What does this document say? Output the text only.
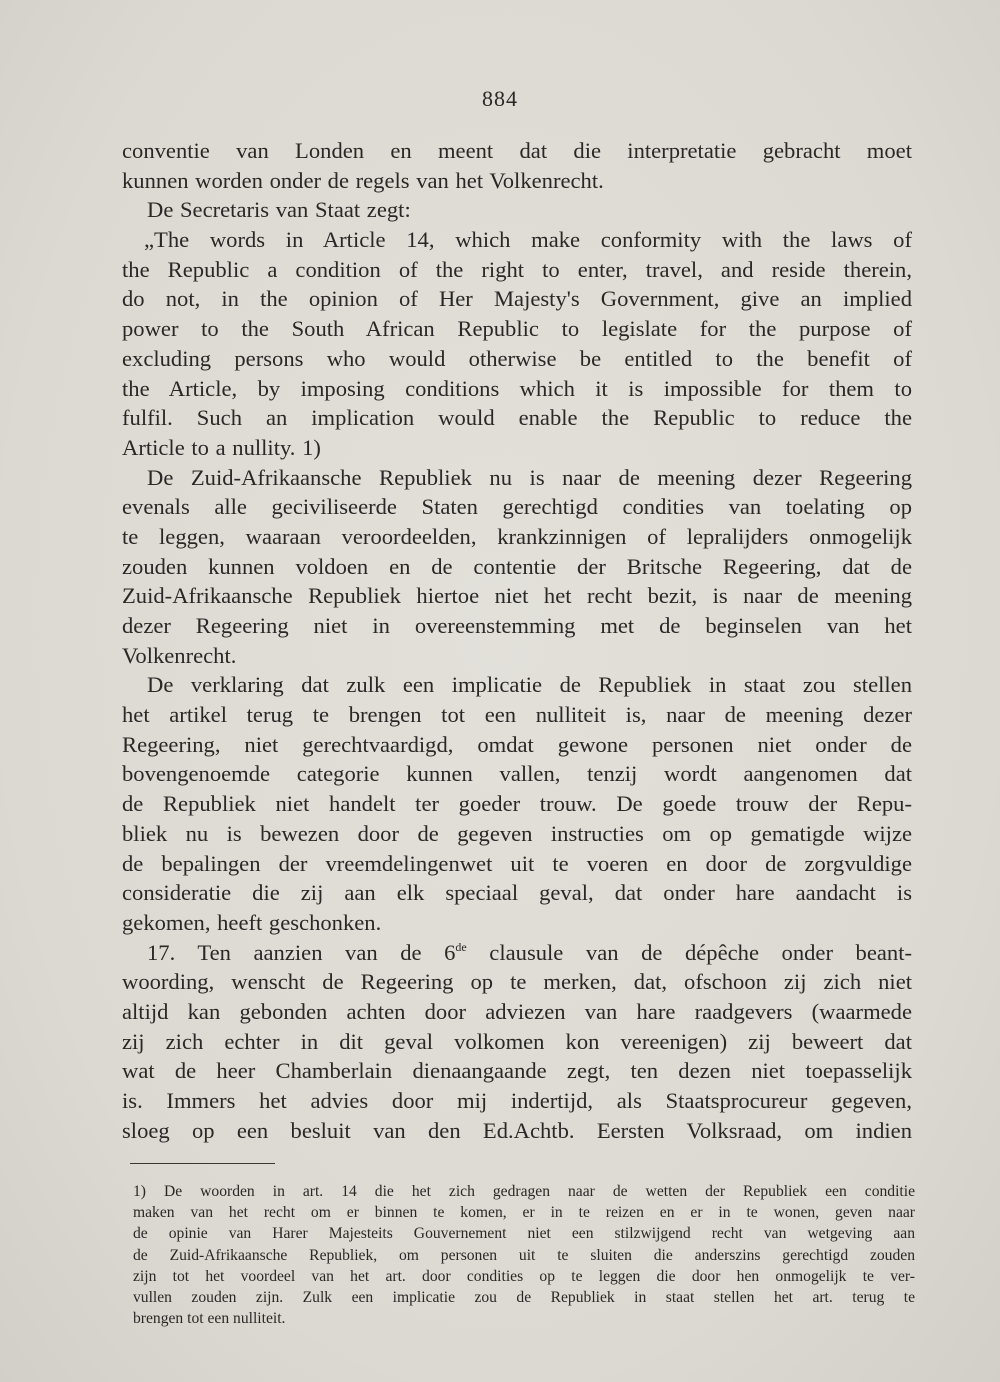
884
conventie van Londen en meent dat die interpretatie gebracht moet
kunnen worden onder de regels van het Volkenrecht.
De Secretaris van Staat zegt:
„The words in Article 14, which make conformity with the laws of
the Republic a condition of the right to enter, travel, and reside therein,
do not, in the opinion of Her Majesty's Government, give an implied
power to the South African Republic to legislate for the purpose of
excluding persons who would otherwise be entitled to the benefit of
the Article, by imposing conditions which it is impossible for them to
fulfil. Such an implication would enable the Republic to reduce the
Article to a nullity. 1)
De Zuid-Afrikaansche Republiek nu is naar de meening dezer Regeering
evenals alle geciviliseerde Staten gerechtigd condities van toelating op
te leggen, waaraan veroordeelden, krankzinnigen of lepralijders onmogelijk
zouden kunnen voldoen en de contentie der Britsche Regeering, dat de
Zuid-Afrikaansche Republiek hiertoe niet het recht bezit, is naar de meening
dezer Regeering niet in overeenstemming met de beginselen van het
Volkenrecht.
De verklaring dat zulk een implicatie de Republiek in staat zou stellen
het artikel terug te brengen tot een nulliteit is, naar de meening dezer
Regeering, niet gerechtvaardigd, omdat gewone personen niet onder de
bovengenoemde categorie kunnen vallen, tenzij wordt aangenomen dat
de Republiek niet handelt ter goeder trouw. De goede trouw der Repu-
bliek nu is bewezen door de gegeven instructies om op gematigde wijze
de bepalingen der vreemdelingenwet uit te voeren en door de zorgvuldige
consideratie die zij aan elk speciaal geval, dat onder hare aandacht is
gekomen, heeft geschonken.
17. Ten aanzien van de 6de clausule van de dépêche onder beant-
woording, wenscht de Regeering op te merken, dat, ofschoon zij zich niet
altijd kan gebonden achten door adviezen van hare raadgevers (waarmede
zij zich echter in dit geval volkomen kon vereenigen) zij beweert dat
wat de heer Chamberlain dienaangaande zegt, ten dezen niet toepasselijk
is. Immers het advies door mij indertijd, als Staatsprocureur gegeven,
sloeg op een besluit van den Ed.Achtb. Eersten Volksraad, om indien
1) De woorden in art. 14 die het zich gedragen naar de wetten der Republiek een conditie
maken van het recht om er binnen te komen, er in te reizen en er in te wonen, geven naar
de opinie van Harer Majesteits Gouvernement niet een stilzwijgend recht van wetgeving aan
de Zuid-Afrikaansche Republiek, om personen uit te sluiten die anderszins gerechtigd zouden
zijn tot het voordeel van het art. door condities op te leggen die door hen onmogelijk te ver-
vullen zouden zijn. Zulk een implicatie zou de Republiek in staat stellen het art. terug te
brengen tot een nulliteit.
